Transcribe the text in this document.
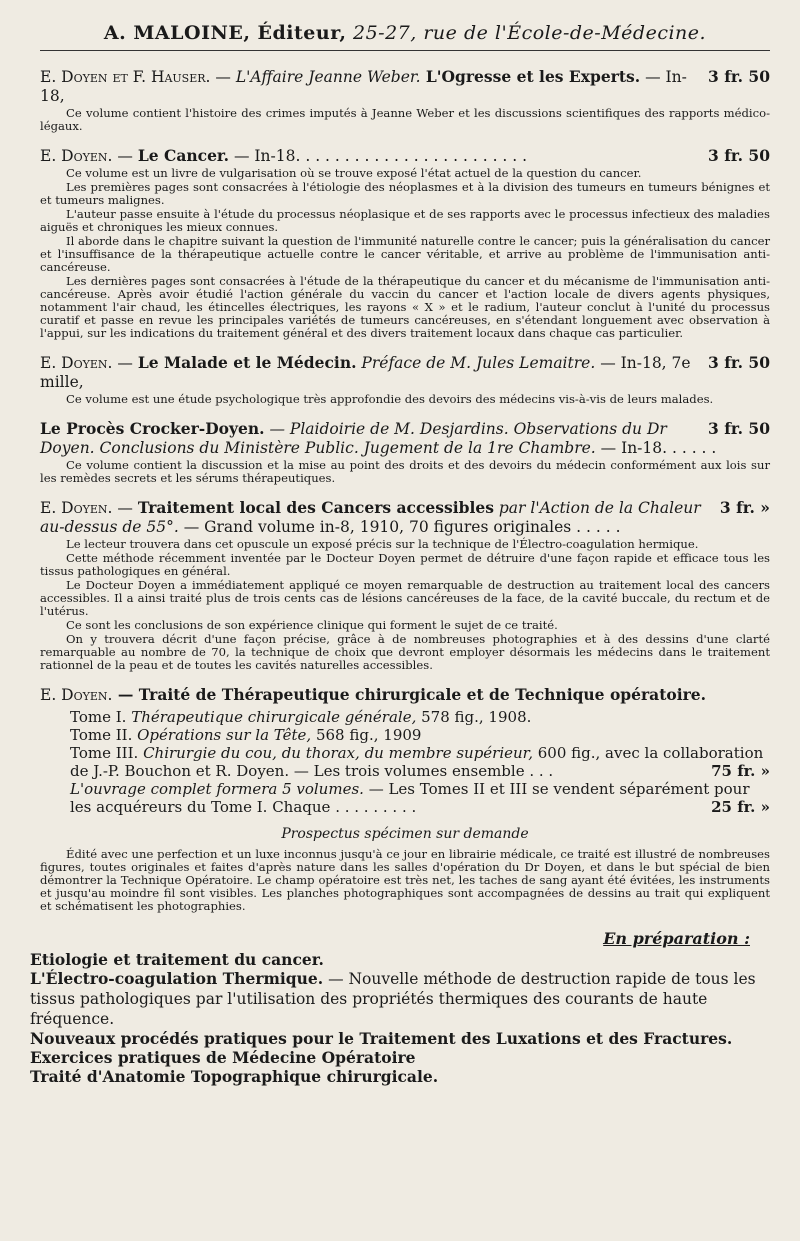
A. MALOINE, Éditeur, 25-27, rue de l'École-de-Médecine.
3 fr. 50
E. Doyen et F. Hauser. — L'Affaire Jeanne Weber. L'Ogresse et les Experts. — In-18,

Ce volume contient l'histoire des crimes imputés à Jeanne Weber et les discussions scientifiques des rapports médico-légaux.

3 fr. 50
E. Doyen. — Le Cancer. — In-18. . . . . . . . . . . . . . . . . . . . . . . .

Ce volume est un livre de vulgarisation où se trouve exposé l'état actuel de la question du cancer.

Les premières pages sont consacrées à l'étiologie des néoplasmes et à la division des tumeurs en tumeurs bénignes et et tumeurs malignes.

L'auteur passe ensuite à l'étude du processus néoplasique et de ses rapports avec le processus infectieux des maladies aiguës et chroniques les mieux connues.

Il aborde dans le chapitre suivant la question de l'immunité naturelle contre le cancer; puis la généralisation du cancer et l'insuffisance de la thérapeutique actuelle contre le cancer véritable, et arrive au problème de l'immunisation anti-cancéreuse.

Les dernières pages sont consacrées à l'étude de la thérapeutique du cancer et du mécanisme de l'immunisation anti-cancéreuse. Après avoir étudié l'action générale du vaccin du cancer et l'action locale de divers agents physiques, notamment l'air chaud, les étincelles électriques, les rayons « X » et le radium, l'auteur conclut à l'unité du processus curatif et passe en revue les principales variétés de tumeurs cancéreuses, en s'étendant longuement avec observation à l'appui, sur les indications du traitement général et des divers traitement locaux dans chaque cas particulier.

3 fr. 50
E. Doyen. — Le Malade et le Médecin. Préface de M. Jules Lemaitre. — In-18, 7e mille,

Ce volume est une étude psychologique très approfondie des devoirs des médecins vis-à-vis de leurs malades.

3 fr. 50
Le Procès Crocker-Doyen. — Plaidoirie de M. Desjardins. Observations du Dr Doyen. Conclusions du Ministère Public. Jugement de la 1re Chambre. — In-18. . . . . .

Ce volume contient la discussion et la mise au point des droits et des devoirs du médecin conformément aux lois sur les remèdes secrets et les sérums thérapeutiques.

3 fr. »
E. Doyen. — Traitement local des Cancers accessibles par l'Action de la Chaleur au-dessus de 55°. — Grand volume in-8, 1910, 70 figures originales . . . . .

Le lecteur trouvera dans cet opuscule un exposé précis sur la technique de l'Électro-coagulation hermique.

Cette méthode récemment inventée par le Docteur Doyen permet de détruire d'une façon rapide et efficace tous les tissus pathologiques en général.

Le Docteur Doyen a immédiatement appliqué ce moyen remarquable de destruction au traitement local des cancers accessibles. Il a ainsi traité plus de trois cents cas de lésions cancéreuses de la face, de la cavité buccale, du rectum et de l'utérus.

Ce sont les conclusions de son expérience clinique qui forment le sujet de ce traité.

On y trouvera décrit d'une façon précise, grâce à de nombreuses photographies et à des dessins d'une clarté remarquable au nombre de 70, la technique de choix que devront employer désormais les médecins dans le traitement rationnel de la peau et de toutes les cavités naturelles accessibles.

E. Doyen. — Traité de Thérapeutique chirurgicale et de Technique opératoire.
Tome I. Thérapeutique chirurgicale générale, 578 fig., 1908.
Tome II. Opérations sur la Tête, 568 fig., 1909
Tome III. Chirurgie du cou, du thorax, du membre supérieur, 600 fig., avec la collaboration de J.-P. Bouchon et R. Doyen. — Les trois volumes ensemble . . .	75 fr. »
L'ouvrage complet formera 5 volumes. — Les Tomes II et III se vendent séparément pour les acquéreurs du Tome I. Chaque . . . . . . . . .	25 fr. »
Prospectus spécimen sur demande

Édité avec une perfection et un luxe inconnus jusqu'à ce jour en librairie médicale, ce traité est illustré de nombreuses figures, toutes originales et faites d'après nature dans les salles d'opération du Dr Doyen, et dans le but spécial de bien démontrer la Technique Opératoire. Le champ opératoire est très net, les taches de sang ayant été évitées, les instruments et jusqu'au moindre fil sont visibles. Les planches photographiques sont accompagnées de dessins au trait qui expliquent et schématisent les photographies.

En préparation :
Etiologie et traitement du cancer.
L'Électro-coagulation Thermique. — Nouvelle méthode de destruction rapide de tous les tissus pathologiques par l'utilisation des propriétés thermiques des courants de haute fréquence.
Nouveaux procédés pratiques pour le Traitement des Luxations et des Fractures.
Exercices pratiques de Médecine Opératoire
Traité d'Anatomie Topographique chirurgicale.
